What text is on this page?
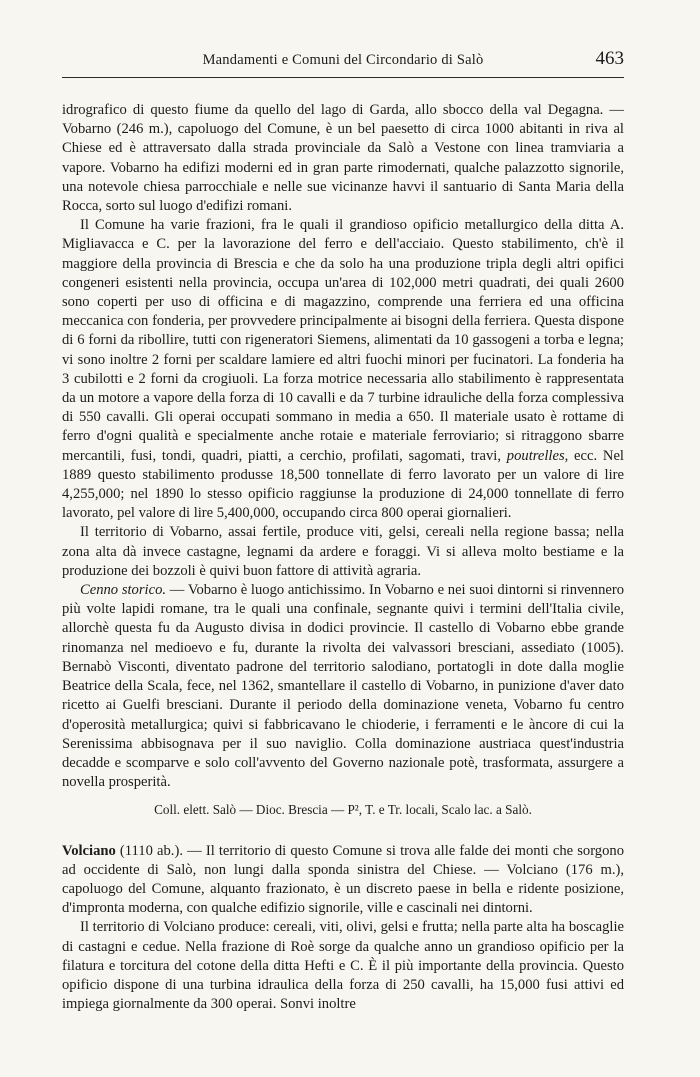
Mandamenti e Comuni del Circondario di Salò	463

idrografico di questo fiume da quello del lago di Garda, allo sbocco della val Degagna. — Vobarno (246 m.), capoluogo del Comune, è un bel paesetto di circa 1000 abitanti in riva al Chiese ed è attraversato dalla strada provinciale da Salò a Vestone con linea tramviaria a vapore. Vobarno ha edifizi moderni ed in gran parte rimodernati, qualche palazzotto signorile, una notevole chiesa parrocchiale e nelle sue vicinanze havvi il santuario di Santa Maria della Rocca, sorto sul luogo d'edifizi romani.

Il Comune ha varie frazioni, fra le quali il grandioso opificio metallurgico della ditta A. Migliavacca e C. per la lavorazione del ferro e dell'acciaio. Questo stabilimento, ch'è il maggiore della provincia di Brescia e che da solo ha una produzione tripla degli altri opifici congeneri esistenti nella provincia, occupa un'area di 102,000 metri quadrati, dei quali 2600 sono coperti per uso di officina e di magazzino, comprende una ferriera ed una officina meccanica con fonderia, per provvedere principalmente ai bisogni della ferriera. Questa dispone di 6 forni da ribollire, tutti con rigeneratori Siemens, alimentati da 10 gassogeni a torba e legna; vi sono inoltre 2 forni per scaldare lamiere ed altri fuochi minori per fucinatori. La fonderia ha 3 cubilotti e 2 forni da crogiuoli. La forza motrice necessaria allo stabilimento è rappresentata da un motore a vapore della forza di 10 cavalli e da 7 turbine idrauliche della forza complessiva di 550 cavalli. Gli operai occupati sommano in media a 650. Il materiale usato è rottame di ferro d'ogni qualità e specialmente anche rotaie e materiale ferroviario; si ritraggono sbarre mercantili, fusi, tondi, quadri, piatti, a cerchio, profilati, sagomati, travi, poutrelles, ecc. Nel 1889 questo stabilimento produsse 18,500 tonnellate di ferro lavorato per un valore di lire 4,255,000; nel 1890 lo stesso opificio raggiunse la produzione di 24,000 tonnellate di ferro lavorato, pel valore di lire 5,400,000, occupando circa 800 operai giornalieri.

Il territorio di Vobarno, assai fertile, produce viti, gelsi, cereali nella regione bassa; nella zona alta dà invece castagne, legnami da ardere e foraggi. Vi si alleva molto bestiame e la produzione dei bozzoli è quivi buon fattore di attività agraria.

Cenno storico. — Vobarno è luogo antichissimo. In Vobarno e nei suoi dintorni si rinvennero più volte lapidi romane, tra le quali una confinale, segnante quivi i termini dell'Italia civile, allorchè questa fu da Augusto divisa in dodici provincie. Il castello di Vobarno ebbe grande rinomanza nel medioevo e fu, durante la rivolta dei valvassori bresciani, assediato (1005). Bernabò Visconti, diventato padrone del territorio salodiano, portatogli in dote dalla moglie Beatrice della Scala, fece, nel 1362, smantellare il castello di Vobarno, in punizione d'aver dato ricetto ai Guelfi bresciani. Durante il periodo della dominazione veneta, Vobarno fu centro d'operosità metallurgica; quivi si fabbricavano le chioderie, i ferramenti e le àncore di cui la Serenissima abbisognava per il suo naviglio. Colla dominazione austriaca quest'industria decadde e scomparve e solo coll'avvento del Governo nazionale potè, trasformata, assurgere a novella prosperità.

Coll. elett. Salò — Dioc. Brescia — P², T. e Tr. locali, Scalo lac. a Salò.

Volciano (1110 ab.). — Il territorio di questo Comune si trova alle falde dei monti che sorgono ad occidente di Salò, non lungi dalla sponda sinistra del Chiese. — Volciano (176 m.), capoluogo del Comune, alquanto frazionato, è un discreto paese in bella e ridente posizione, d'impronta moderna, con qualche edifizio signorile, ville e cascinali nei dintorni.

Il territorio di Volciano produce: cereali, viti, olivi, gelsi e frutta; nella parte alta ha boscaglie di castagni e cedue. Nella frazione di Roè sorge da qualche anno un grandioso opificio per la filatura e torcitura del cotone della ditta Hefti e C. È il più importante della provincia. Questo opificio dispone di una turbina idraulica della forza di 250 cavalli, ha 15,000 fusi attivi ed impiega giornalmente da 300 operai. Sonvi inoltre
